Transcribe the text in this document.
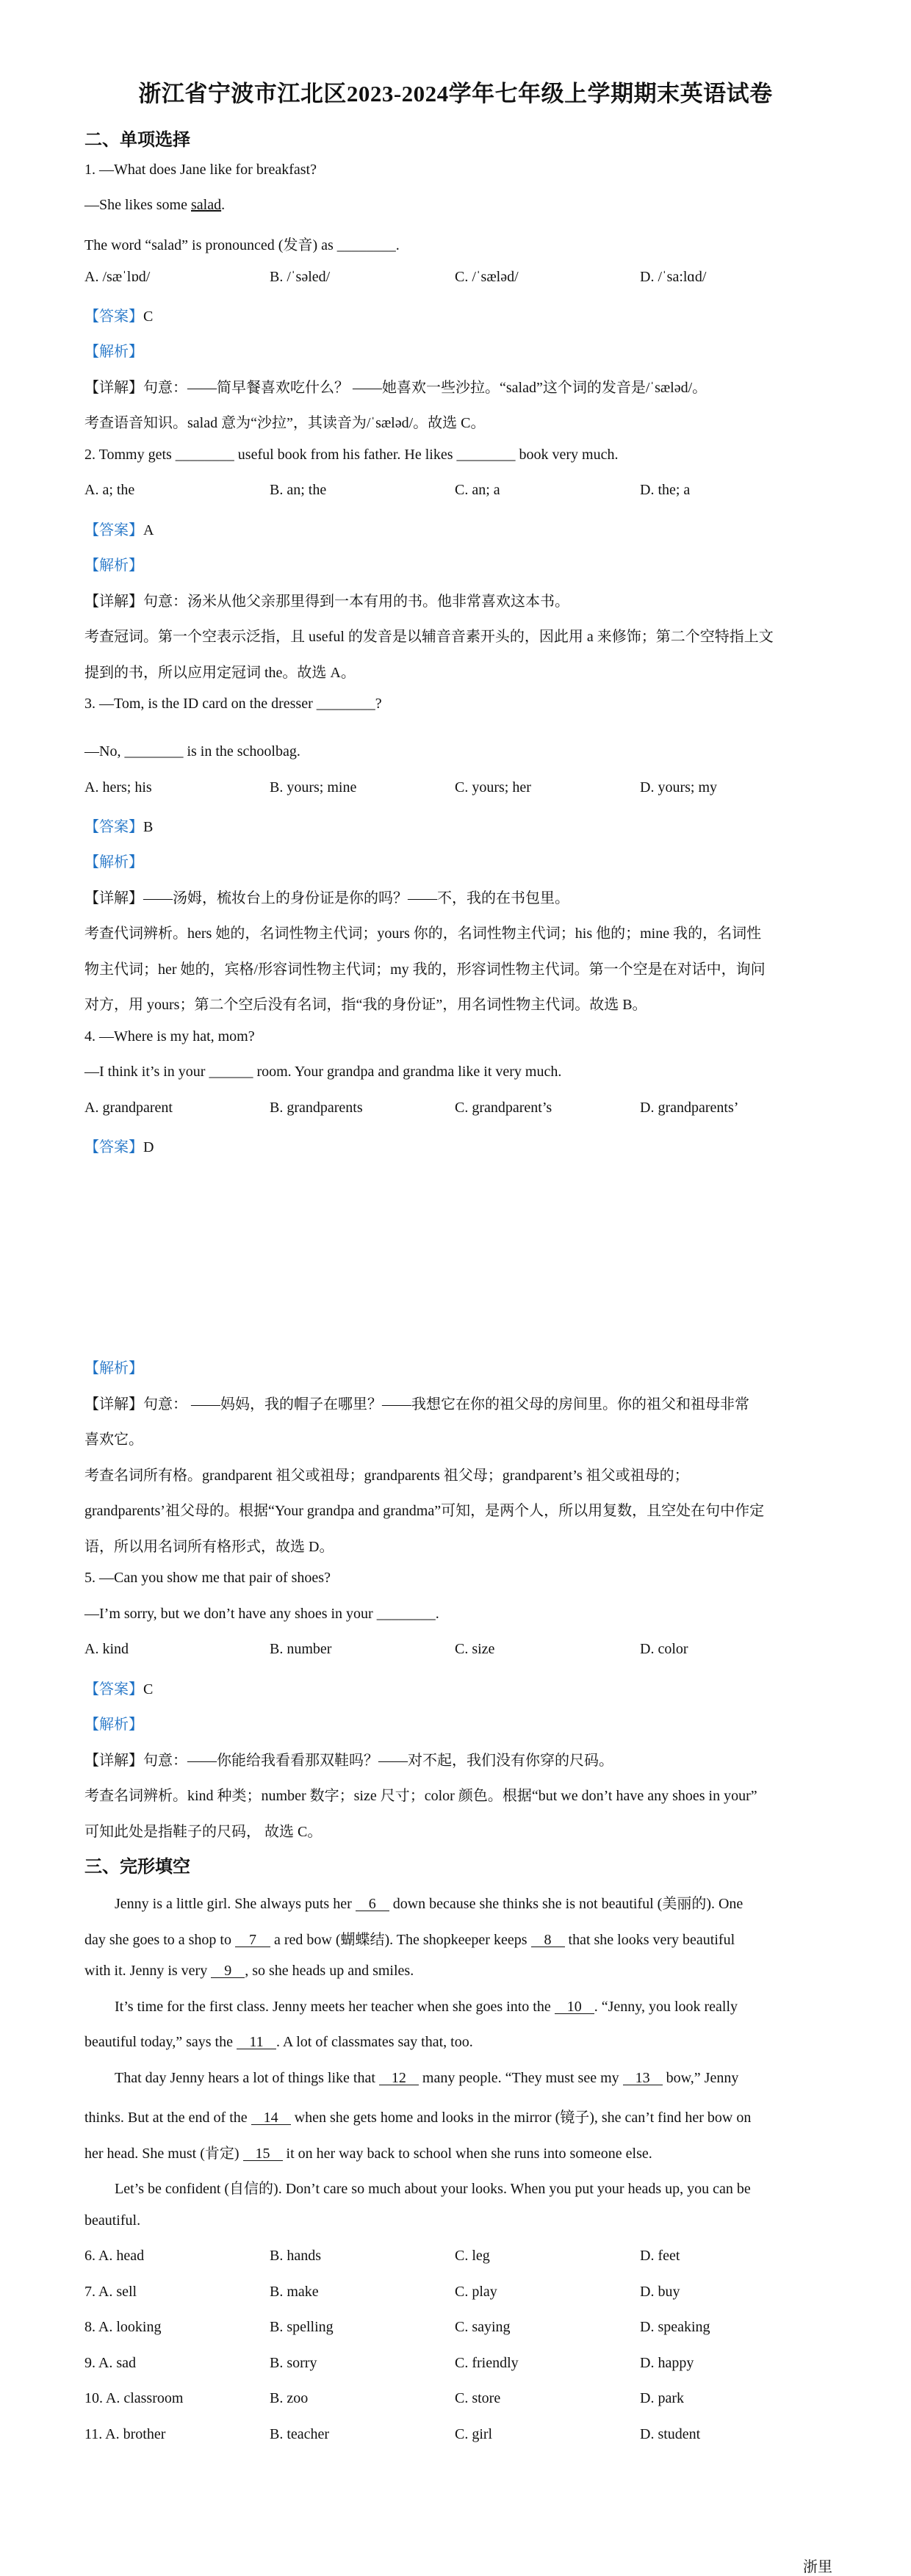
浙江省宁波市江北区2023-2024学年七年级上学期期末英语试卷
二、单项选择
1. —What does Jane like for breakfast?
—She likes some salad.
The word “salad” is pronounced (发音) as ________.
A. /sæˈlɒd/	B. /ˈsəled/	C. /ˈsæləd/	D. /ˈsa:lɑd/
【答案】C
【解析】
【详解】句意：——简早餐喜欢吃什么？ ——她喜欢一些沙拉。“salad”这个词的发音是/ˈsæləd/。
考查语音知识。salad 意为“沙拉”，其读音为/ˈsæləd/。故选 C。
2. Tommy gets ________ useful book from his father. He likes ________ book very much.
A. a; the	B. an; the	C. an; a	D. the; a
【答案】A
【解析】
【详解】句意：汤米从他父亲那里得到一本有用的书。他非常喜欢这本书。
考查冠词。第一个空表示泛指，且 useful 的发音是以辅音音素开头的，因此用 a 来修饰；第二个空特指上文
提到的书，所以应用定冠词 the。故选 A。
3. —Tom, is the ID card on the dresser ________?
—No, ________ is in the schoolbag.
A. hers; his	B. yours; mine	C. yours; her	D. yours; my
【答案】B
【解析】
【详解】——汤姆，梳妆台上的身份证是你的吗？——不，我的在书包里。
考查代词辨析。hers 她的，名词性物主代词；yours 你的，名词性物主代词；his 他的；mine 我的，名词性
物主代词；her 她的，宾格/形容词性物主代词；my 我的，形容词性物主代词。第一个空是在对话中，询问
对方，用 yours；第二个空后没有名词，指“我的身份证”，用名词性物主代词。故选 B。
4. —Where is my hat, mom?
—I think it’s in your ______ room. Your grandpa and grandma like it very much.
A. grandparent	B. grandparents	C. grandparent’s	D. grandparents’
【答案】D
【解析】
【详解】句意： ——妈妈，我的帽子在哪里？——我想它在你的祖父母的房间里。你的祖父和祖母非常
喜欢它。
考查名词所有格。grandparent 祖父或祖母；grandparents 祖父母；grandparent’s 祖父或祖母的；
grandparents’祖父母的。根据“Your grandpa and grandma”可知，是两个人，所以用复数，且空处在句中作定
语，所以用名词所有格形式，故选 D。
5. —Can you show me that pair of shoes?
—I’m sorry, but we don’t have any shoes in your ________.
A. kind	B. number	C. size	D. color
【答案】C
【解析】
【详解】句意：——你能给我看看那双鞋吗？——对不起，我们没有你穿的尺码。
考查名词辨析。kind 种类；number 数字；size 尺寸；color 颜色。根据“but we don’t have any shoes in your”
可知此处是指鞋子的尺码， 故选 C。
三、完形填空
Jenny is a little girl. She always puts her 6 down because she thinks she is not beautiful (美丽的). One
day she goes to a shop to 7 a red bow (蝴蝶结). The shopkeeper keeps 8 that she looks very beautiful
with it. Jenny is very 9 , so she heads up and smiles.
It’s time for the first class. Jenny meets her teacher when she goes into the 10 . “Jenny, you look really
beautiful today,” says the 11 . A lot of classmates say that, too.
That day Jenny hears a lot of things like that 12 many people. “They must see my 13 bow,” Jenny
thinks. But at the end of the 14 when she gets home and looks in the mirror (镜子), she can’t find her bow on
her head. She must (肯定) 15 it on her way back to school when she runs into someone else.
Let’s be confident (自信的). Don’t care so much about your looks. When you put your heads up, you can be
beautiful.
6. A. head	B. hands	C. leg	D. feet
7. A. sell	B. make	C. play	D. buy
8. A. looking	B. spelling	C. saying	D. speaking
9. A. sad	B. sorry	C. friendly	D. happy
10. A. classroom	B. zoo	C. store	D. park
11. A. brother	B. teacher	C. girl	D. student
浙里
